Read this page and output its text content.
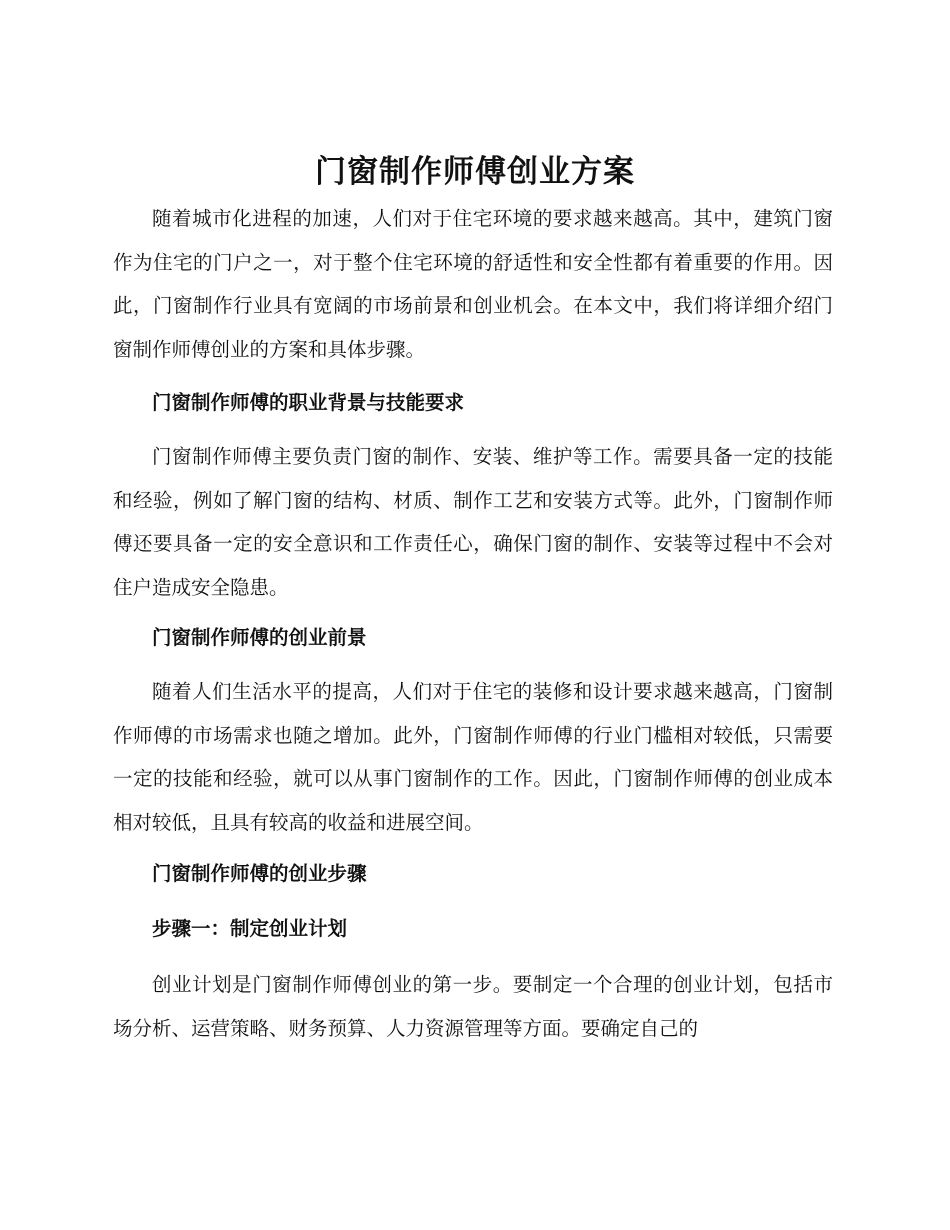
门窗制作师傅创业方案

随着城市化进程的加速，人们对于住宅环境的要求越来越高。其中，建筑门窗作为住宅的门户之一，对于整个住宅环境的舒适性和安全性都有着重要的作用。因此，门窗制作行业具有宽阔的市场前景和创业机会。在本文中，我们将详细介绍门窗制作师傅创业的方案和具体步骤。

门窗制作师傅的职业背景与技能要求

门窗制作师傅主要负责门窗的制作、安装、维护等工作。需要具备一定的技能和经验，例如了解门窗的结构、材质、制作工艺和安装方式等。此外，门窗制作师傅还要具备一定的安全意识和工作责任心，确保门窗的制作、安装等过程中不会对住户造成安全隐患。

门窗制作师傅的创业前景

随着人们生活水平的提高，人们对于住宅的装修和设计要求越来越高，门窗制作师傅的市场需求也随之增加。此外，门窗制作师傅的行业门槛相对较低，只需要一定的技能和经验，就可以从事门窗制作的工作。因此，门窗制作师傅的创业成本相对较低，且具有较高的收益和进展空间。

门窗制作师傅的创业步骤

步骤一：制定创业计划

创业计划是门窗制作师傅创业的第一步。要制定一个合理的创业计划，包括市场分析、运营策略、财务预算、人力资源管理等方面。要确定自己的
